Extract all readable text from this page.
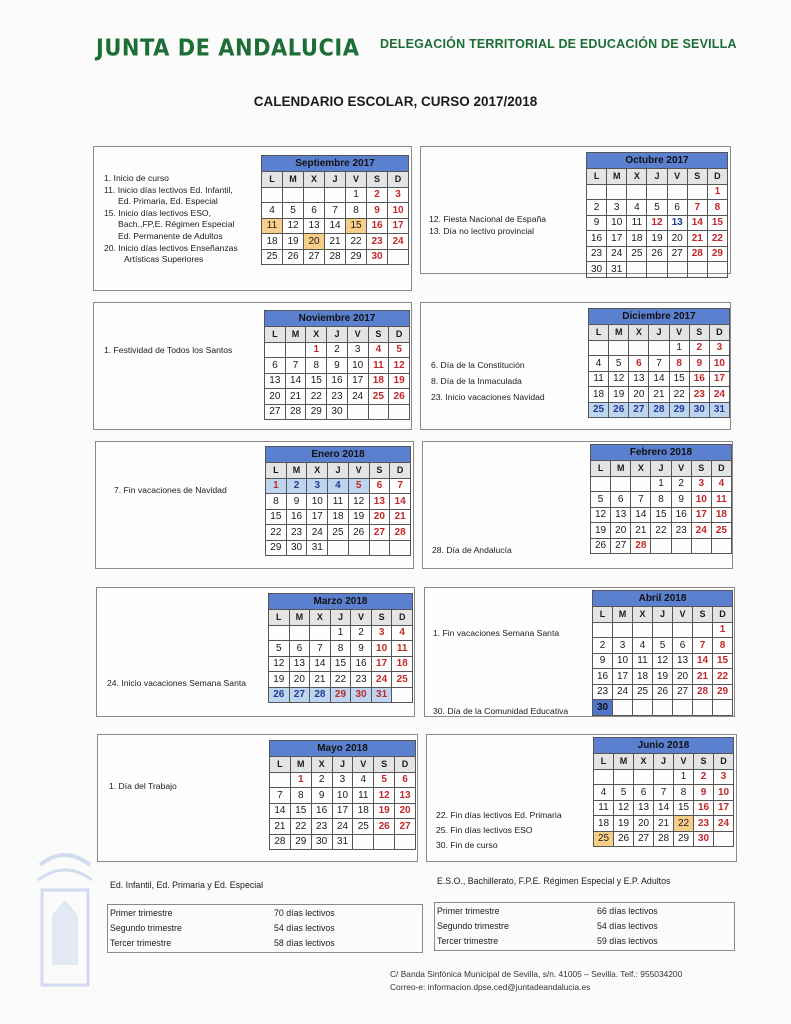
JUNTA DE ANDALUCIA DELEGACIÓN TERRITORIAL DE EDUCACIÓN DE SEVILLA
CALENDARIO ESCOLAR, CURSO 2017/2018
1. Inicio de curso
11. Inicio días lectivos Ed. Infantil,
Ed. Primaria, Ed. Especial
15. Inicio días lectivos ESO,
Bach.,FP,E. Régimen Especial
Ed. Permanente de Adultos
20. Inicio días lectivos Enseñanzas
Artísticas Superiores
12. Fiesta Nacional de España
13. Día no lectivo provincial
1. Festividad de Todos los Santos
6. Día de la Constitución
8. Día de la Inmaculada
23. Inicio vacaciones Navidad
7. Fin vacaciones de Navidad
28. Día de Andalucía
24. Inicio vacaciones Semana Santa
1. Fin vacaciones Semana Santa
30. Día de la Comunidad Educativa
1. Día del Trabajo
22. Fin días lectivos Ed. Primaria
25. Fin días lectivos ESO
30. Fin de curso
Septiembre 2017						
L	M	X	J	V	S	D
				1	2	3
4	5	6	7	8	9	10
11	12	13	14	15	16	17
18	19	20	21	22	23	24
25	26	27	28	29	30	
Octubre 2017						
L	M	X	J	V	S	D
						1
2	3	4	5	6	7	8
9	10	11	12	13	14	15
16	17	18	19	20	21	22
23	24	25	26	27	28	29
30	31					
Noviembre 2017						
L	M	X	J	V	S	D
		1	2	3	4	5
6	7	8	9	10	11	12
13	14	15	16	17	18	19
20	21	22	23	24	25	26
27	28	29	30			
Diciembre 2017						
L	M	X	J	V	S	D
				1	2	3
4	5	6	7	8	9	10
11	12	13	14	15	16	17
18	19	20	21	22	23	24
25	26	27	28	29	30	31
Enero 2018						
L	M	X	J	V	S	D
1	2	3	4	5	6	7
8	9	10	11	12	13	14
15	16	17	18	19	20	21
22	23	24	25	26	27	28
29	30	31				
Febrero 2018						
L	M	X	J	V	S	D
			1	2	3	4
5	6	7	8	9	10	11
12	13	14	15	16	17	18
19	20	21	22	23	24	25
26	27	28				
Marzo 2018						
L	M	X	J	V	S	D
			1	2	3	4
5	6	7	8	9	10	11
12	13	14	15	16	17	18
19	20	21	22	23	24	25
26	27	28	29	30	31	
Abril 2018						
L	M	X	J	V	S	D
						1
2	3	4	5	6	7	8
9	10	11	12	13	14	15
16	17	18	19	20	21	22
23	24	25	26	27	28	29
30						
Mayo 2018						
L	M	X	J	V	S	D
	1	2	3	4	5	6
7	8	9	10	11	12	13
14	15	16	17	18	19	20
21	22	23	24	25	26	27
28	29	30	31			
Junio 2018						
L	M	X	J	V	S	D
				1	2	3
4	5	6	7	8	9	10
11	12	13	14	15	16	17
18	19	20	21	22	23	24
25	26	27	28	29	30	
Ed. Infantil, Ed. Primaria y Ed. Especial	E.S.O., Bachillerato, F.P.E. Régimen Especial y E.P. Adultos
Primer trimestre	70 días lectivos
Segundo trimestre	54 días lectivos
Tercer trimestre	58 días lectivos
Primer trimestre	66 días lectivos
Segundo trimestre	54 días lectivos
Tercer trimestre	59 días lectivos
C/ Banda Sinfónica Municipal de Sevilla, s/n. 41005 – Sevilla. Telf.: 955034200
Correo-e: informacion.dpse.ced@juntadeandalucia.es
